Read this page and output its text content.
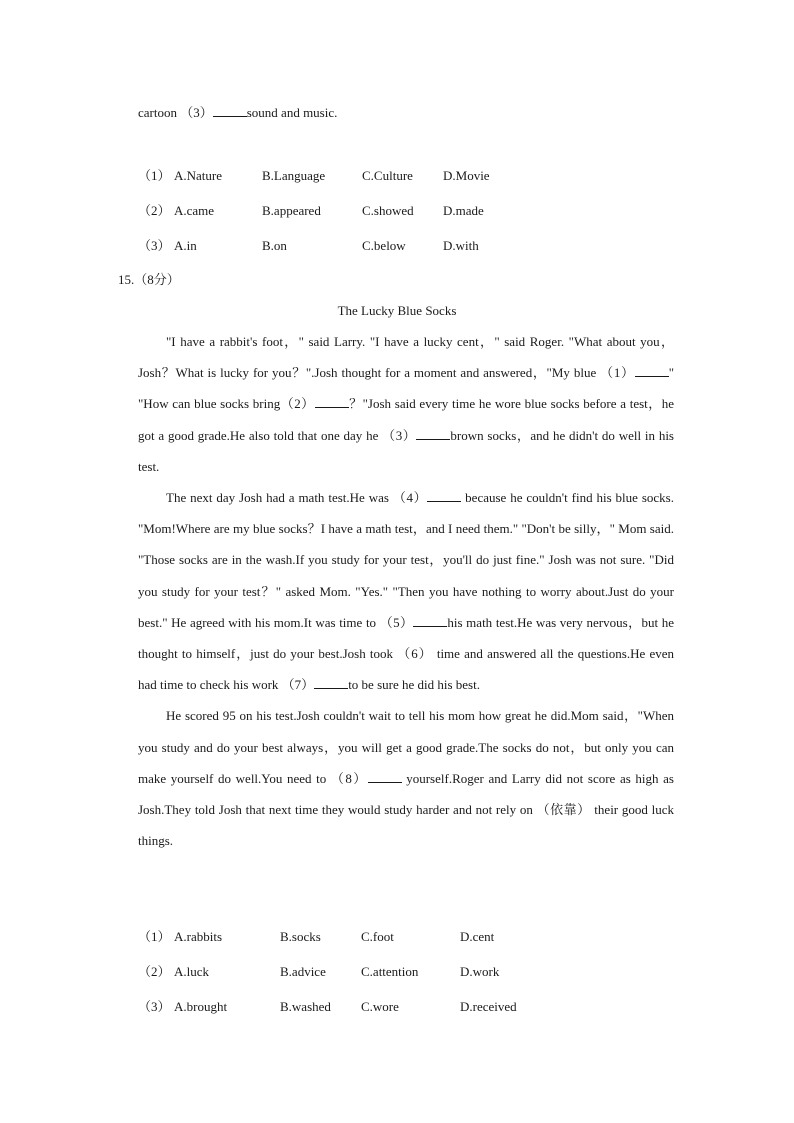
cartoon （3）	sound and music.
（1） A.Nature	B.Language	C.Culture D.Movie
（2） A.came	B.appeared	C.showed D.made
（3） A.in	B.on	C.below	D.with
15.（8分）
The Lucky Blue Socks

"I have a rabbit's foot，" said Larry. "I have a lucky cent，" said Roger. "What about you，Josh？What is lucky for you？".Josh thought for a moment and answered，"My blue （1）	" "How can blue socks bring（2）	？"Josh said every time he wore blue socks before a test，he got a good grade.He also told that one day he （3）	brown socks，and he didn't do well in his test.

The next day Josh had a math test.He was （4）	because he couldn't find his blue socks. "Mom!Where are my blue socks？I have a math test，and I need them." "Don't be silly，" Mom said. "Those socks are in the wash.If you study for your test，you'll do just fine." Josh was not sure. "Did you study for your test？" asked Mom. "Yes." "Then you have nothing to worry about.Just do your best." He agreed with his mom.It was time to （5）	his math test.He was very nervous，but he thought to himself，just do your best.Josh took （6） time and answered all the questions.He even had time to check his work （7）	to be sure he did his best.

He scored 95 on his test.Josh couldn't wait to tell his mom how great he did.Mom said，"When you study and do your best always，you will get a good grade.The socks do not，but only you can make yourself do well.You need to （8）	yourself.Roger and Larry did not score as high as Josh.They told Josh that next time they would study harder and not rely on （依靠） their good luck things.

（1） A.rabbits	B.socks	C.foot	D.cent
（2） A.luck	B.advice	C.attention	D.work
（3） A.brought	B.washed C.wore	D.received
